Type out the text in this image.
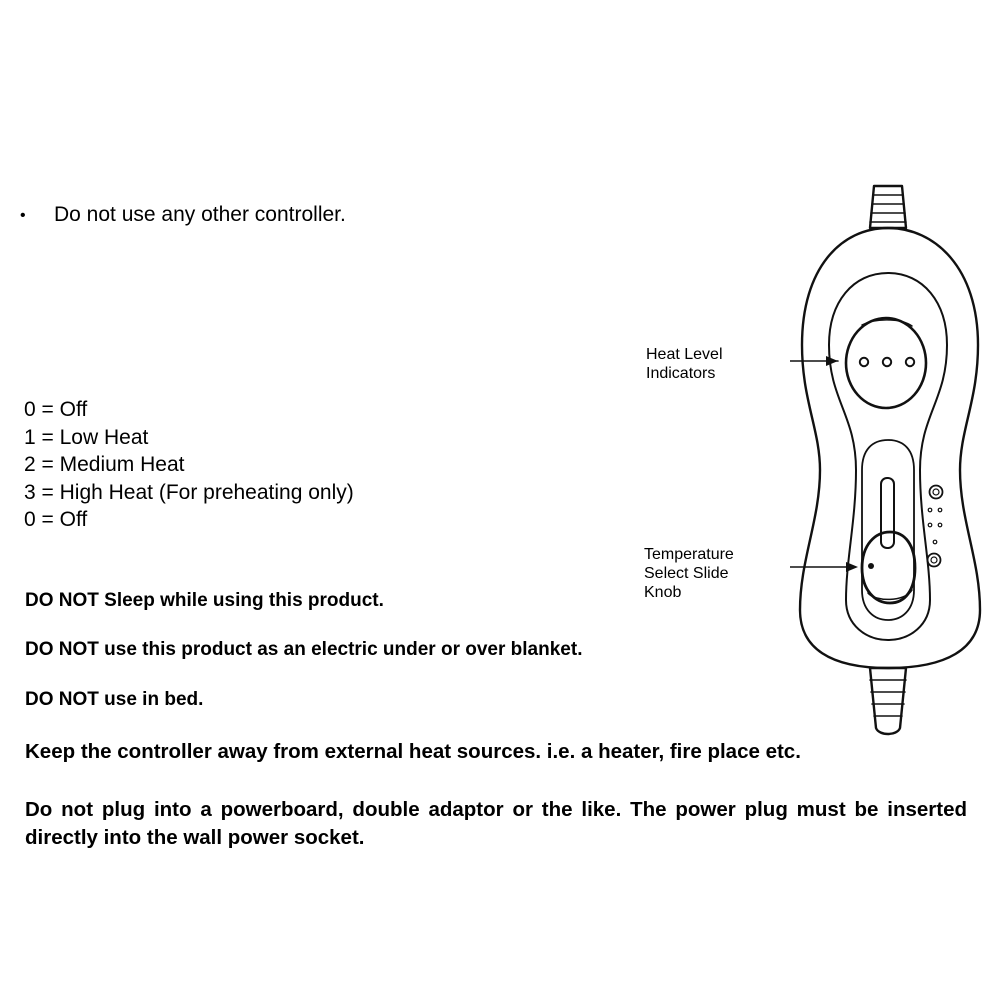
• Do not use any other controller.
0 = Off
1 = Low Heat
2 = Medium Heat
3 = High Heat (For preheating only)
0 = Off
DO NOT Sleep while using this product.
DO NOT use this product as an electric under or over blanket.
DO NOT use in bed.
Keep the controller away from external heat sources. i.e. a heater, fire place etc.
Do not plug into a powerboard, double adaptor or the like. The power plug must be inserted directly into the wall power socket.
Heat Level
Indicators
Temperature
Select Slide
Knob
